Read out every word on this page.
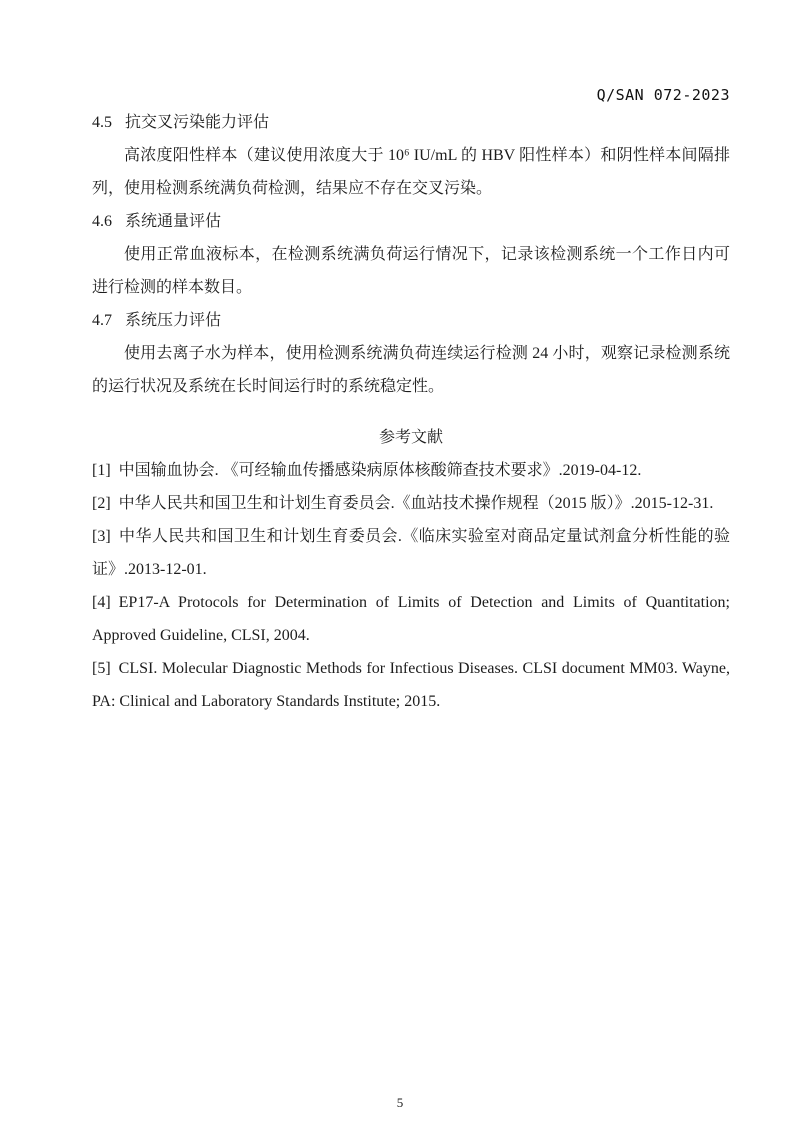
Q/SAN 072-2023
4.5 抗交叉污染能力评估

高浓度阳性样本（建议使用浓度大于 10⁶ IU/mL 的 HBV 阳性样本）和阴性样本间隔排列，使用检测系统满负荷检测，结果应不存在交叉污染。

4.6 系统通量评估

使用正常血液标本，在检测系统满负荷运行情况下，记录该检测系统一个工作日内可进行检测的样本数目。

4.7 系统压力评估

使用去离子水为样本，使用检测系统满负荷连续运行检测 24 小时，观察记录检测系统的运行状况及系统在长时间运行时的系统稳定性。

参考文献

[1] 中国输血协会. 《可经输血传播感染病原体核酸筛查技术要求》.2019-04-12.

[2] 中华人民共和国卫生和计划生育委员会.《血站技术操作规程（2015 版）》.2015-12-31.

[3] 中华人民共和国卫生和计划生育委员会.《临床实验室对商品定量试剂盒分析性能的验证》.2013-12-01.

[4] EP17-A Protocols for Determination of Limits of Detection and Limits of Quantitation; Approved Guideline, CLSI, 2004.

[5] CLSI. Molecular Diagnostic Methods for Infectious Diseases. CLSI document MM03. Wayne, PA: Clinical and Laboratory Standards Institute; 2015.

5
